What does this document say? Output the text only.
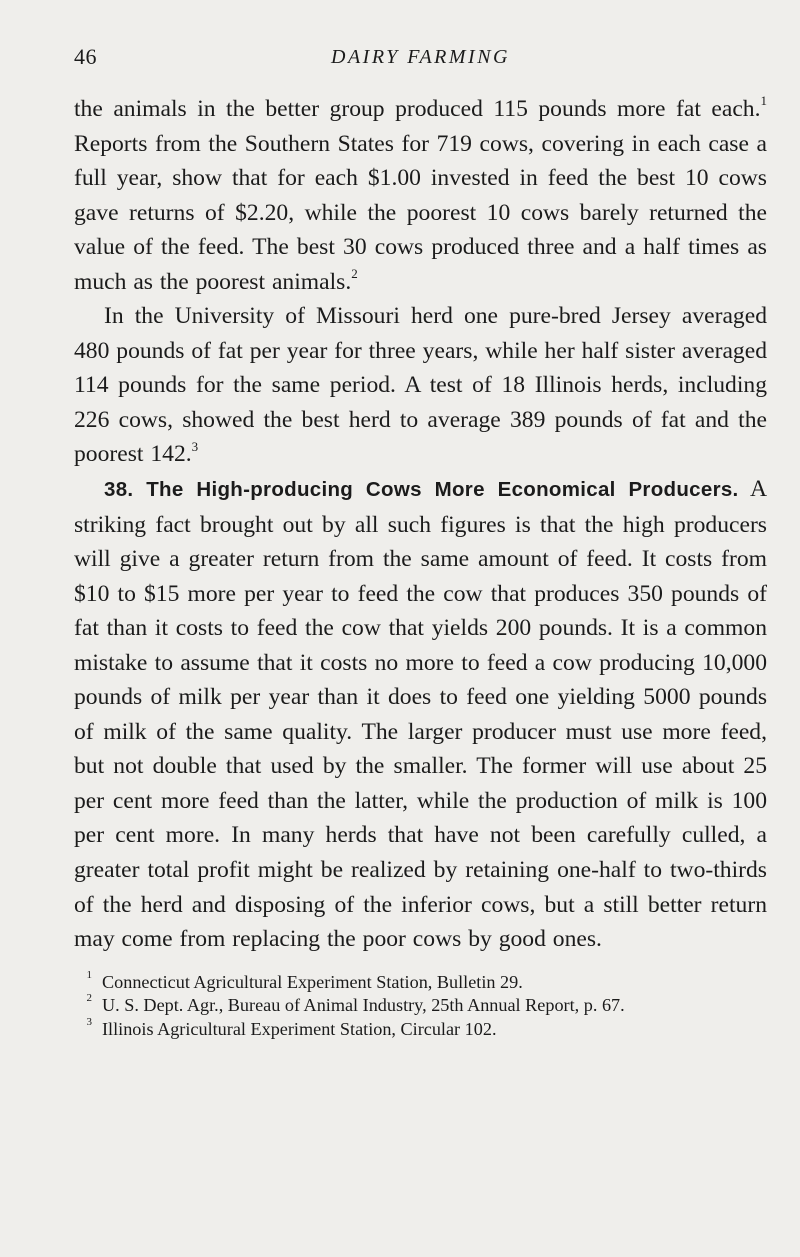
46	DAIRY FARMING

the animals in the better group produced 115 pounds more fat each.$^1$ Reports from the Southern States for 719 cows, covering in each case a full year, show that for each $1.00 invested in feed the best 10 cows gave returns of $2.20, while the poorest 10 cows barely returned the value of the feed. The best 30 cows produced three and a half times as much as the poorest animals.$^2$

In the University of Missouri herd one pure-bred Jersey averaged 480 pounds of fat per year for three years, while her half sister averaged 114 pounds for the same period. A test of 18 Illinois herds, including 226 cows, showed the best herd to average 389 pounds of fat and the poorest 142.$^3$

38. The High-producing Cows More Economical Producers. A striking fact brought out by all such figures is that the high producers will give a greater return from the same amount of feed. It costs from $10 to $15 more per year to feed the cow that produces 350 pounds of fat than it costs to feed the cow that yields 200 pounds. It is a common mistake to assume that it costs no more to feed a cow producing 10,000 pounds of milk per year than it does to feed one yielding 5000 pounds of milk of the same quality. The larger producer must use more feed, but not double that used by the smaller. The former will use about 25 per cent more feed than the latter, while the production of milk is 100 per cent more. In many herds that have not been carefully culled, a greater total profit might be realized by retaining one-half to two-thirds of the herd and disposing of the inferior cows, but a still better return may come from replacing the poor cows by good ones.

$^1$ Connecticut Agricultural Experiment Station, Bulletin 29.

$^2$ U. S. Dept. Agr., Bureau of Animal Industry, 25th Annual Report, p. 67.

$^3$ Illinois Agricultural Experiment Station, Circular 102.
